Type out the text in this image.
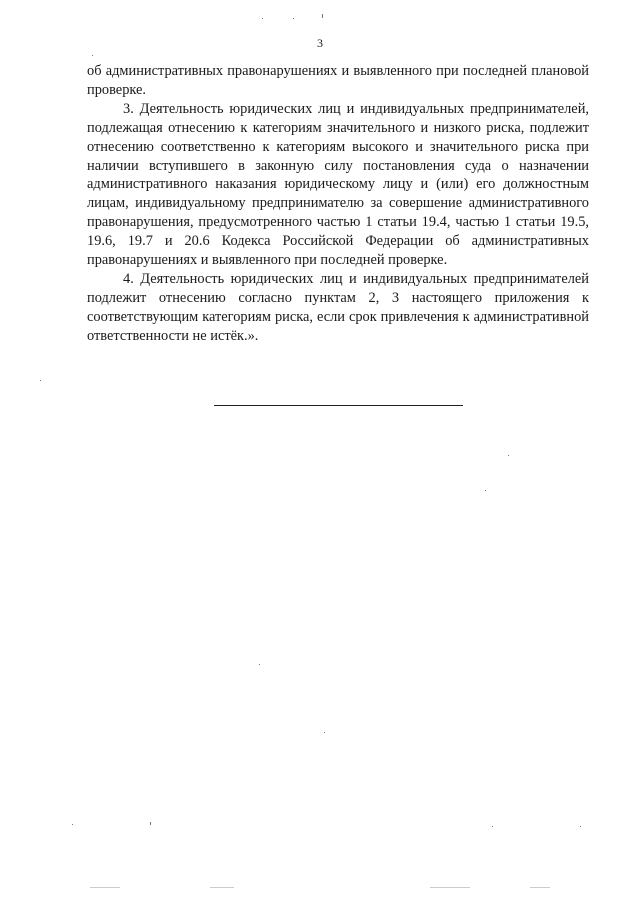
3

об административных правонарушениях и выявленного при последней плановой проверке.

3. Деятельность юридических лиц и индивидуальных предпринимателей, подлежащая отнесению к категориям значительного и низкого риска, подлежит отнесению соответственно к категориям высокого и значительного риска при наличии вступившего в законную силу постановления суда о назначении административного наказания юридическому лицу и (или) его должностным лицам, индивидуальному предпринимателю за совершение административного правонарушения, предусмотренного частью 1 статьи 19.4, частью 1 статьи 19.5, 19.6, 19.7 и 20.6 Кодекса Российской Федерации об административных правонарушениях и выявленного при последней проверке.

4. Деятельность юридических лиц и индивидуальных предпринимателей подлежит отнесению согласно пунктам 2, 3 настоящего приложения к соответствующим категориям риска, если срок привлечения к административной ответственности не истёк.».
